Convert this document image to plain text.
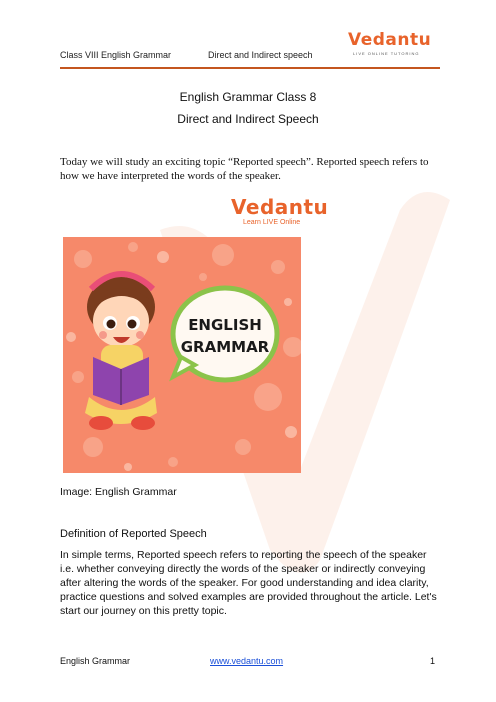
Class VIII English Grammar	Direct and Indirect speech
Vedantu
LIVE ONLINE TUTORING
English Grammar Class 8
Direct and Indirect Speech
Today we will study an exciting topic “Reported speech”. Reported speech refers to how we have interpreted the words of the speaker.
Vedantu
Learn LIVE Online
ENGLISH
GRAMMAR
Image: English Grammar
Definition of Reported Speech
In simple terms, Reported speech refers to reporting the speech of the speaker i.e. whether conveying directly the words of the speaker or indirectly conveying after altering the words of the speaker. For good understanding and idea clarity, practice questions and solved examples are provided throughout the article. Let's start our journey on this pretty topic.
English Grammar	www.vedantu.com	1
